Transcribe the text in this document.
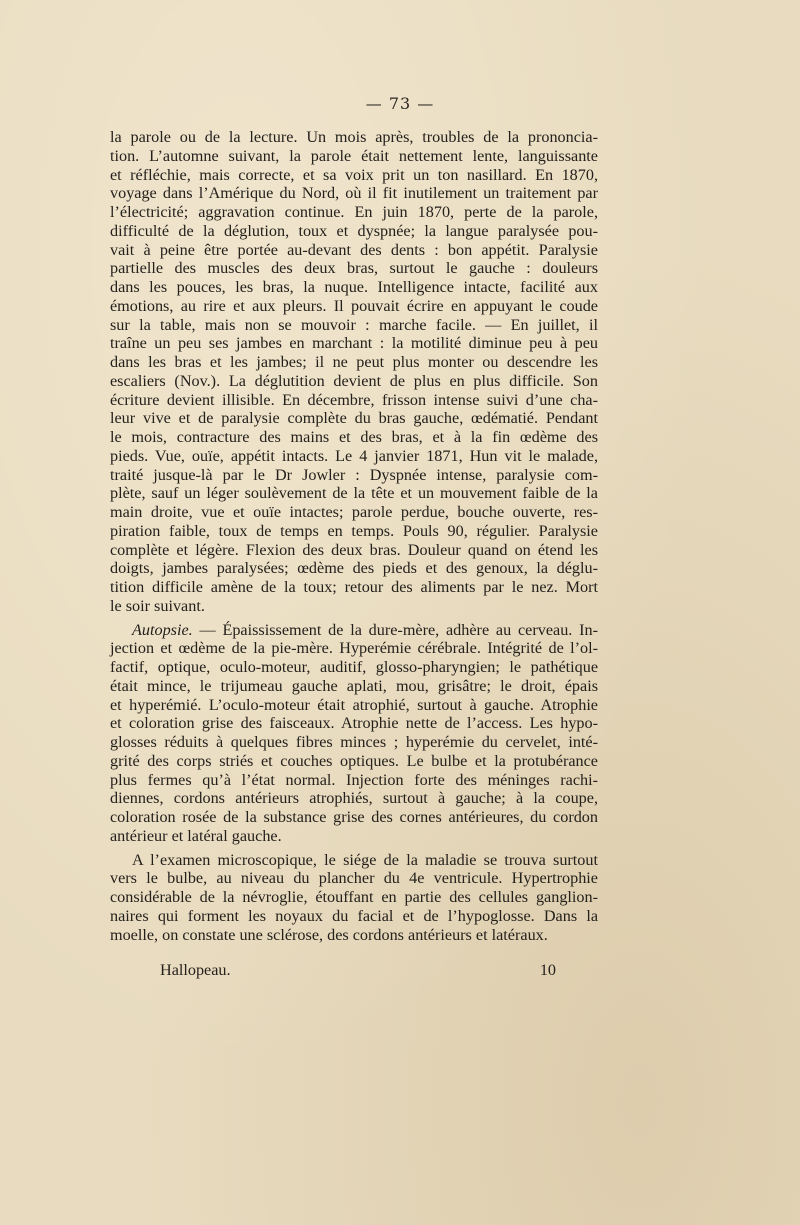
— 73 —
la parole ou de la lecture. Un mois après, troubles de la prononcia-
tion. L’automne suivant, la parole était nettement lente, languissante
et réfléchie, mais correcte, et sa voix prit un ton nasillard. En 1870,
voyage dans l’Amérique du Nord, où il fit inutilement un traitement par
l’électricité; aggravation continue. En juin 1870, perte de la parole,
difficulté de la déglution, toux et dyspnée; la langue paralysée pou-
vait à peine être portée au-devant des dents : bon appétit. Paralysie
partielle des muscles des deux bras, surtout le gauche : douleurs
dans les pouces, les bras, la nuque. Intelligence intacte, facilité aux
émotions, au rire et aux pleurs. Il pouvait écrire en appuyant le coude
sur la table, mais non se mouvoir : marche facile. — En juillet, il
traîne un peu ses jambes en marchant : la motilité diminue peu à peu
dans les bras et les jambes; il ne peut plus monter ou descendre les
escaliers (Nov.). La déglutition devient de plus en plus difficile. Son
écriture devient illisible. En décembre, frisson intense suivi d’une cha-
leur vive et de paralysie complète du bras gauche, œdématié. Pendant
le mois, contracture des mains et des bras, et à la fin œdème des
pieds. Vue, ouïe, appétit intacts. Le 4 janvier 1871, Hun vit le malade,
traité jusque-là par le Dr Jowler : Dyspnée intense, paralysie com-
plète, sauf un léger soulèvement de la tête et un mouvement faible de la
main droite, vue et ouïe intactes; parole perdue, bouche ouverte, res-
piration faible, toux de temps en temps. Pouls 90, régulier. Paralysie
complète et légère. Flexion des deux bras. Douleur quand on étend les
doigts, jambes paralysées; œdème des pieds et des genoux, la déglu-
tition difficile amène de la toux; retour des aliments par le nez. Mort
le soir suivant.
Autopsie. — Épaississement de la dure-mère, adhère au cerveau. In-
jection et œdème de la pie-mère. Hyperémie cérébrale. Intégrité de l’ol-
factif, optique, oculo-moteur, auditif, glosso-pharyngien; le pathétique
était mince, le trijumeau gauche aplati, mou, grisâtre; le droit, épais
et hyperémié. L’oculo-moteur était atrophié, surtout à gauche. Atrophie
et coloration grise des faisceaux. Atrophie nette de l’access. Les hypo-
glosses réduits à quelques fibres minces ; hyperémie du cervelet, inté-
grité des corps striés et couches optiques. Le bulbe et la protubérance
plus fermes qu’à l’état normal. Injection forte des méninges rachi-
diennes, cordons antérieurs atrophiés, surtout à gauche; à la coupe,
coloration rosée de la substance grise des cornes antérieures, du cordon
antérieur et latéral gauche.
A l’examen microscopique, le siége de la maladie se trouva surtout
vers le bulbe, au niveau du plancher du 4e ventricule. Hypertrophie
considérable de la névroglie, étouffant en partie des cellules ganglion-
naires qui forment les noyaux du facial et de l’hypoglosse. Dans la
moelle, on constate une sclérose, des cordons antérieurs et latéraux.
Hallopeau.	10
